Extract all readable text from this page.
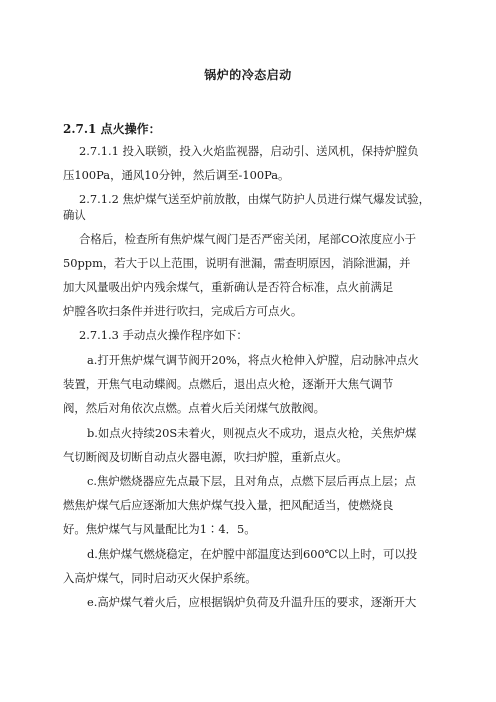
锅炉的冷态启动
2.7.1 点火操作：
2.7.1.1 投入联锁，投入火焰监视器，启动引、送风机，保持炉膛负
压100Pa，通风10分钟，然后调至-100Pa。
2.7.1.2 焦炉煤气送至炉前放散，由煤气防护人员进行煤气爆发试验，
确认
合格后，检查所有焦炉煤气阀门是否严密关闭，尾部CO浓度应小于
50ppm，若大于以上范围，说明有泄漏，需查明原因，消除泄漏，并
加大风量吸出炉内残余煤气，重新确认是否符合标准，点火前满足
炉膛各吹扫条件并进行吹扫，完成后方可点火。
2.7.1.3 手动点火操作程序如下：
a.打开焦炉煤气调节阀开20%，将点火枪伸入炉膛，启动脉冲点火
装置，开焦气电动蝶阀。点燃后，退出点火枪，逐渐开大焦气调节
阀，然后对角依次点燃。点着火后关闭煤气放散阀。
b.如点火持续20S未着火，则视点火不成功，退点火枪，关焦炉煤
气切断阀及切断自动点火器电源，吹扫炉膛，重新点火。
c.焦炉燃烧器应先点最下层，且对角点，点燃下层后再点上层；点
燃焦炉煤气后应逐渐加大焦炉煤气投入量，把风配适当，使燃烧良
好。焦炉煤气与风量配比为1∶4．5。
d.焦炉煤气燃烧稳定，在炉膛中部温度达到600℃以上时，可以投
入高炉煤气，同时启动灭火保护系统。
e.高炉煤气着火后，应根据锅炉负荷及升温升压的要求，逐渐开大
